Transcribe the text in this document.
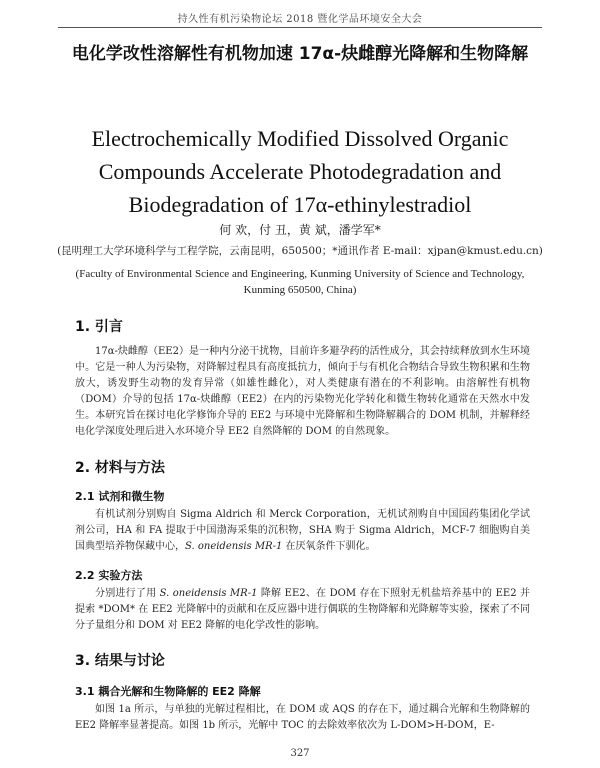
持久性有机污染物论坛 2018 暨化学品环境安全大会
电化学改性溶解性有机物加速 17α-炔雌醇光降解和生物降解
Electrochemically Modified Dissolved Organic Compounds Accelerate Photodegradation and Biodegradation of 17α-ethinylestradiol
何 欢，付 丑，黄 斌，潘学军*
(昆明理工大学环境科学与工程学院，云南昆明，650500；*通讯作者 E-mail：xjpan@kmust.edu.cn)
(Faculty of Environmental Science and Engineering, Kunming University of Science and Technology, Kunming 650500, China)
1. 引言

17α-炔雌醇（EE2）是一种内分泌干扰物，目前许多避孕药的活性成分，其会持续释放到水生环境中。它是一种人为污染物，对降解过程具有高度抵抗力，倾向于与有机化合物结合导致生物积累和生物放大，诱发野生动物的发育异常（如雄性雌化），对人类健康有潜在的不利影响。由溶解性有机物（DOM）介导的包括 17α-炔雌醇（EE2）在内的污染物光化学转化和微生物转化通常在天然水中发生。本研究旨在探讨电化学修饰介导的 EE2 与环境中光降解和生物降解耦合的 DOM 机制，并解释经电化学深度处理后进入水环境介导 EE2 自然降解的 DOM 的自然现象。

2. 材料与方法
2.1 试剂和微生物

有机试剂分别购自 Sigma Aldrich 和 Merck Corporation，无机试剂购自中国国药集团化学试剂公司，HA 和 FA 提取于中国渤海采集的沉积物，SHA 购于 Sigma Aldrich，MCF-7 细胞购自美国典型培养物保藏中心，S. oneidensis MR-1 在厌氧条件下驯化。

2.2 实验方法

分别进行了用 S. oneidensis MR-1 降解 EE2、在 DOM 存在下照射无机盐培养基中的 EE2 并提索 *DOM* 在 EE2 光降解中的贡献和在反应器中进行偶联的生物降解和光降解等实验，探索了不同分子量组分和 DOM 对 EE2 降解的电化学改性的影响。

3. 结果与讨论
3.1 耦合光解和生物降解的 EE2 降解

如图 1a 所示，与单独的光解过程相比，在 DOM 或 AQS 的存在下，通过耦合光解和生物降解的 EE2 降解率显著提高。如图 1b 所示，光解中 TOC 的去除效率依次为 L-DOM>H-DOM，E-

327
